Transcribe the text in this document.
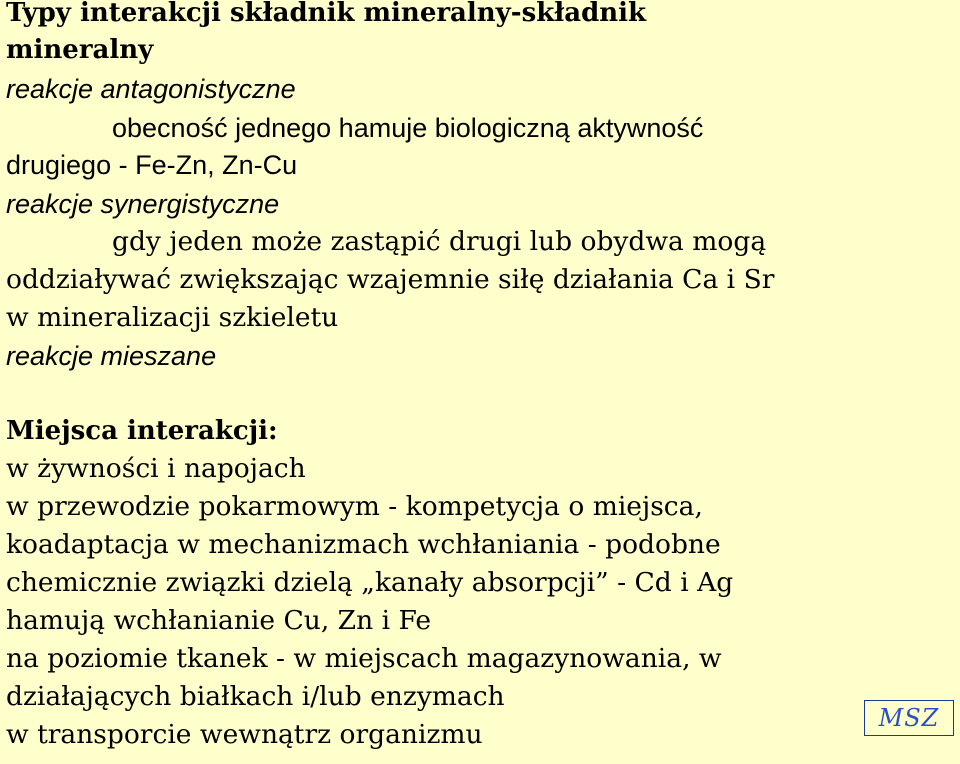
Typy interakcji składnik mineralny-składnik
mineralny
reakcje antagonistyczne
obecność jednego hamuje biologiczną aktywność
drugiego - Fe-Zn, Zn-Cu
reakcje synergistyczne
gdy jeden może zastąpić drugi lub obydwa mogą
oddziaływać zwiększając wzajemnie siłę działania Ca i Sr
w mineralizacji szkieletu
reakcje mieszane
Miejsca interakcji:
w żywności i napojach
w przewodzie pokarmowym - kompetycja o miejsca,
koadaptacja w mechanizmach wchłaniania - podobne
chemicznie związki dzielą „kanały absorpcji” - Cd i Ag
hamują wchłanianie Cu, Zn i Fe
na poziomie tkanek - w miejscach magazynowania, w
działających białkach i/lub enzymach
w transporcie wewnątrz organizmu
MSZ
